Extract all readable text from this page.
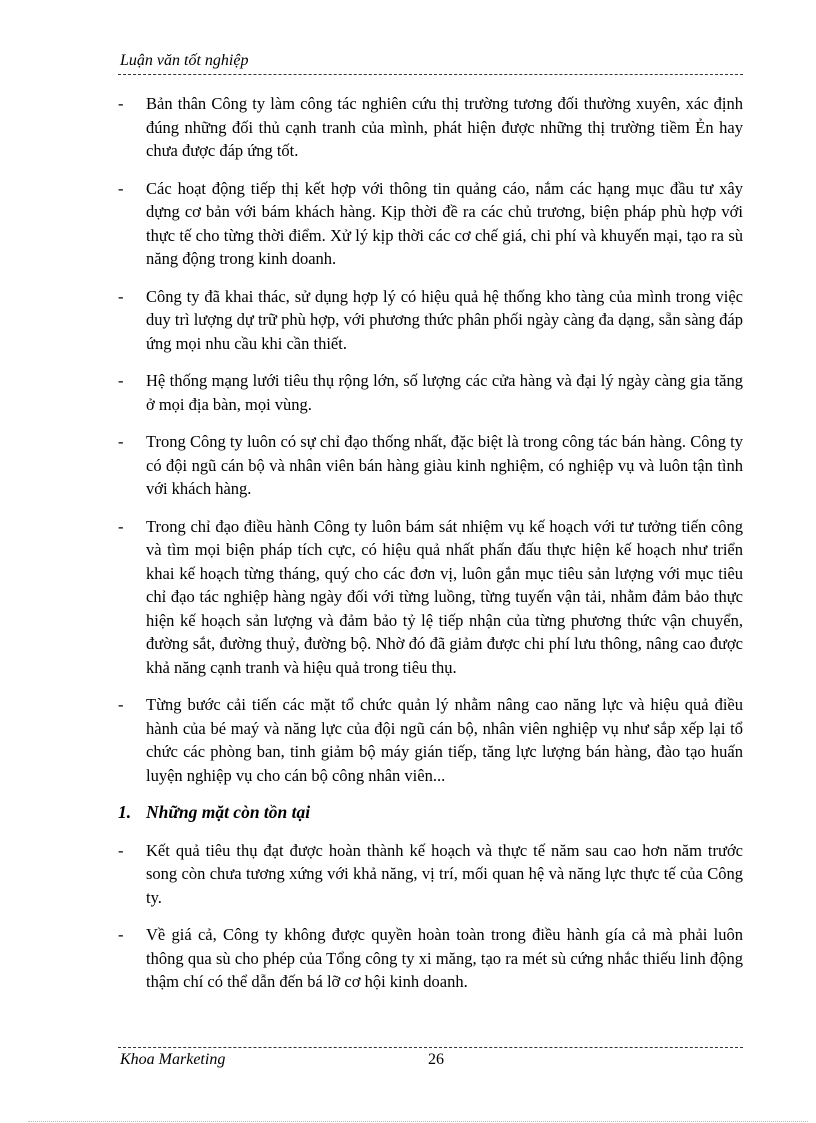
Luận văn tốt nghiệp
- Bản thân Công ty làm công tác nghiên cứu thị trường tương đối thường xuyên, xác định đúng những đối thủ cạnh tranh của mình, phát hiện được những thị trường tiềm Ẻn hay chưa được đáp ứng tốt.
- Các hoạt động tiếp thị kết hợp với thông tin quảng cáo, nắm các hạng mục đầu tư xây dựng cơ bản với bám khách hàng. Kịp thời đề ra các chủ trương, biện pháp phù hợp với thực tế cho từng thời điểm. Xử lý kịp thời các cơ chế giá, chi phí và khuyến mại, tạo ra sù năng động trong kinh doanh.
- Công ty đã khai thác, sử dụng hợp lý có hiệu quả hệ thống kho tàng của mình trong việc duy trì lượng dự trữ phù hợp, với phương thức phân phối ngày càng đa dạng, sẵn sàng đáp ứng mọi nhu cầu khi cần thiết.
- Hệ thống mạng lưới tiêu thụ rộng lớn, số lượng các cửa hàng và đại lý ngày càng gia tăng ở mọi địa bàn, mọi vùng.
- Trong Công ty luôn có sự chỉ đạo thống nhất, đặc biệt là trong công tác bán hàng. Công ty có đội ngũ cán bộ và nhân viên bán hàng giàu kinh nghiệm, có nghiệp vụ và luôn tận tình với khách hàng.
- Trong chỉ đạo điều hành Công ty luôn bám sát nhiệm vụ kế hoạch với tư tưởng tiến công và tìm mọi biện pháp tích cực, có hiệu quả nhất phấn đấu thực hiện kế hoạch như triển khai kế hoạch từng tháng, quý cho các đơn vị, luôn gắn mục tiêu sản lượng với mục tiêu chỉ đạo tác nghiệp hàng ngày đối với từng luồng, từng tuyến vận tải, nhằm đảm bảo thực hiện kế hoạch sản lượng và đảm bảo tỷ lệ tiếp nhận của từng phương thức vận chuyển, đường sắt, đường thuỷ, đường bộ. Nhờ đó đã giảm được chi phí lưu thông, nâng cao được khả năng cạnh tranh và hiệu quả trong tiêu thụ.
- Từng bước cải tiến các mặt tổ chức quản lý nhằm nâng cao năng lực và hiệu quả điều hành của bé maý và năng lực của đội ngũ cán bộ, nhân viên nghiệp vụ như sắp xếp lại tổ chức các phòng ban, tinh giảm bộ máy gián tiếp, tăng lực lượng bán hàng, đào tạo huấn luyện nghiệp vụ cho cán bộ công nhân viên...
1. Những mặt còn tồn tại
- Kết quả tiêu thụ đạt được hoàn thành kế hoạch và thực tế năm sau cao hơn năm trước song còn chưa tương xứng với khả năng, vị trí, mối quan hệ và năng lực thực tế của Công ty.
- Về giá cả, Công ty không được quyền hoàn toàn trong điều hành gía cả mà phải luôn thông qua sù cho phép của Tổng công ty xi măng, tạo ra mét sù cứng nhắc thiếu linh động thậm chí có thể dẫn đến bá lỡ cơ hội kinh doanh.
Khoa Marketing	26
